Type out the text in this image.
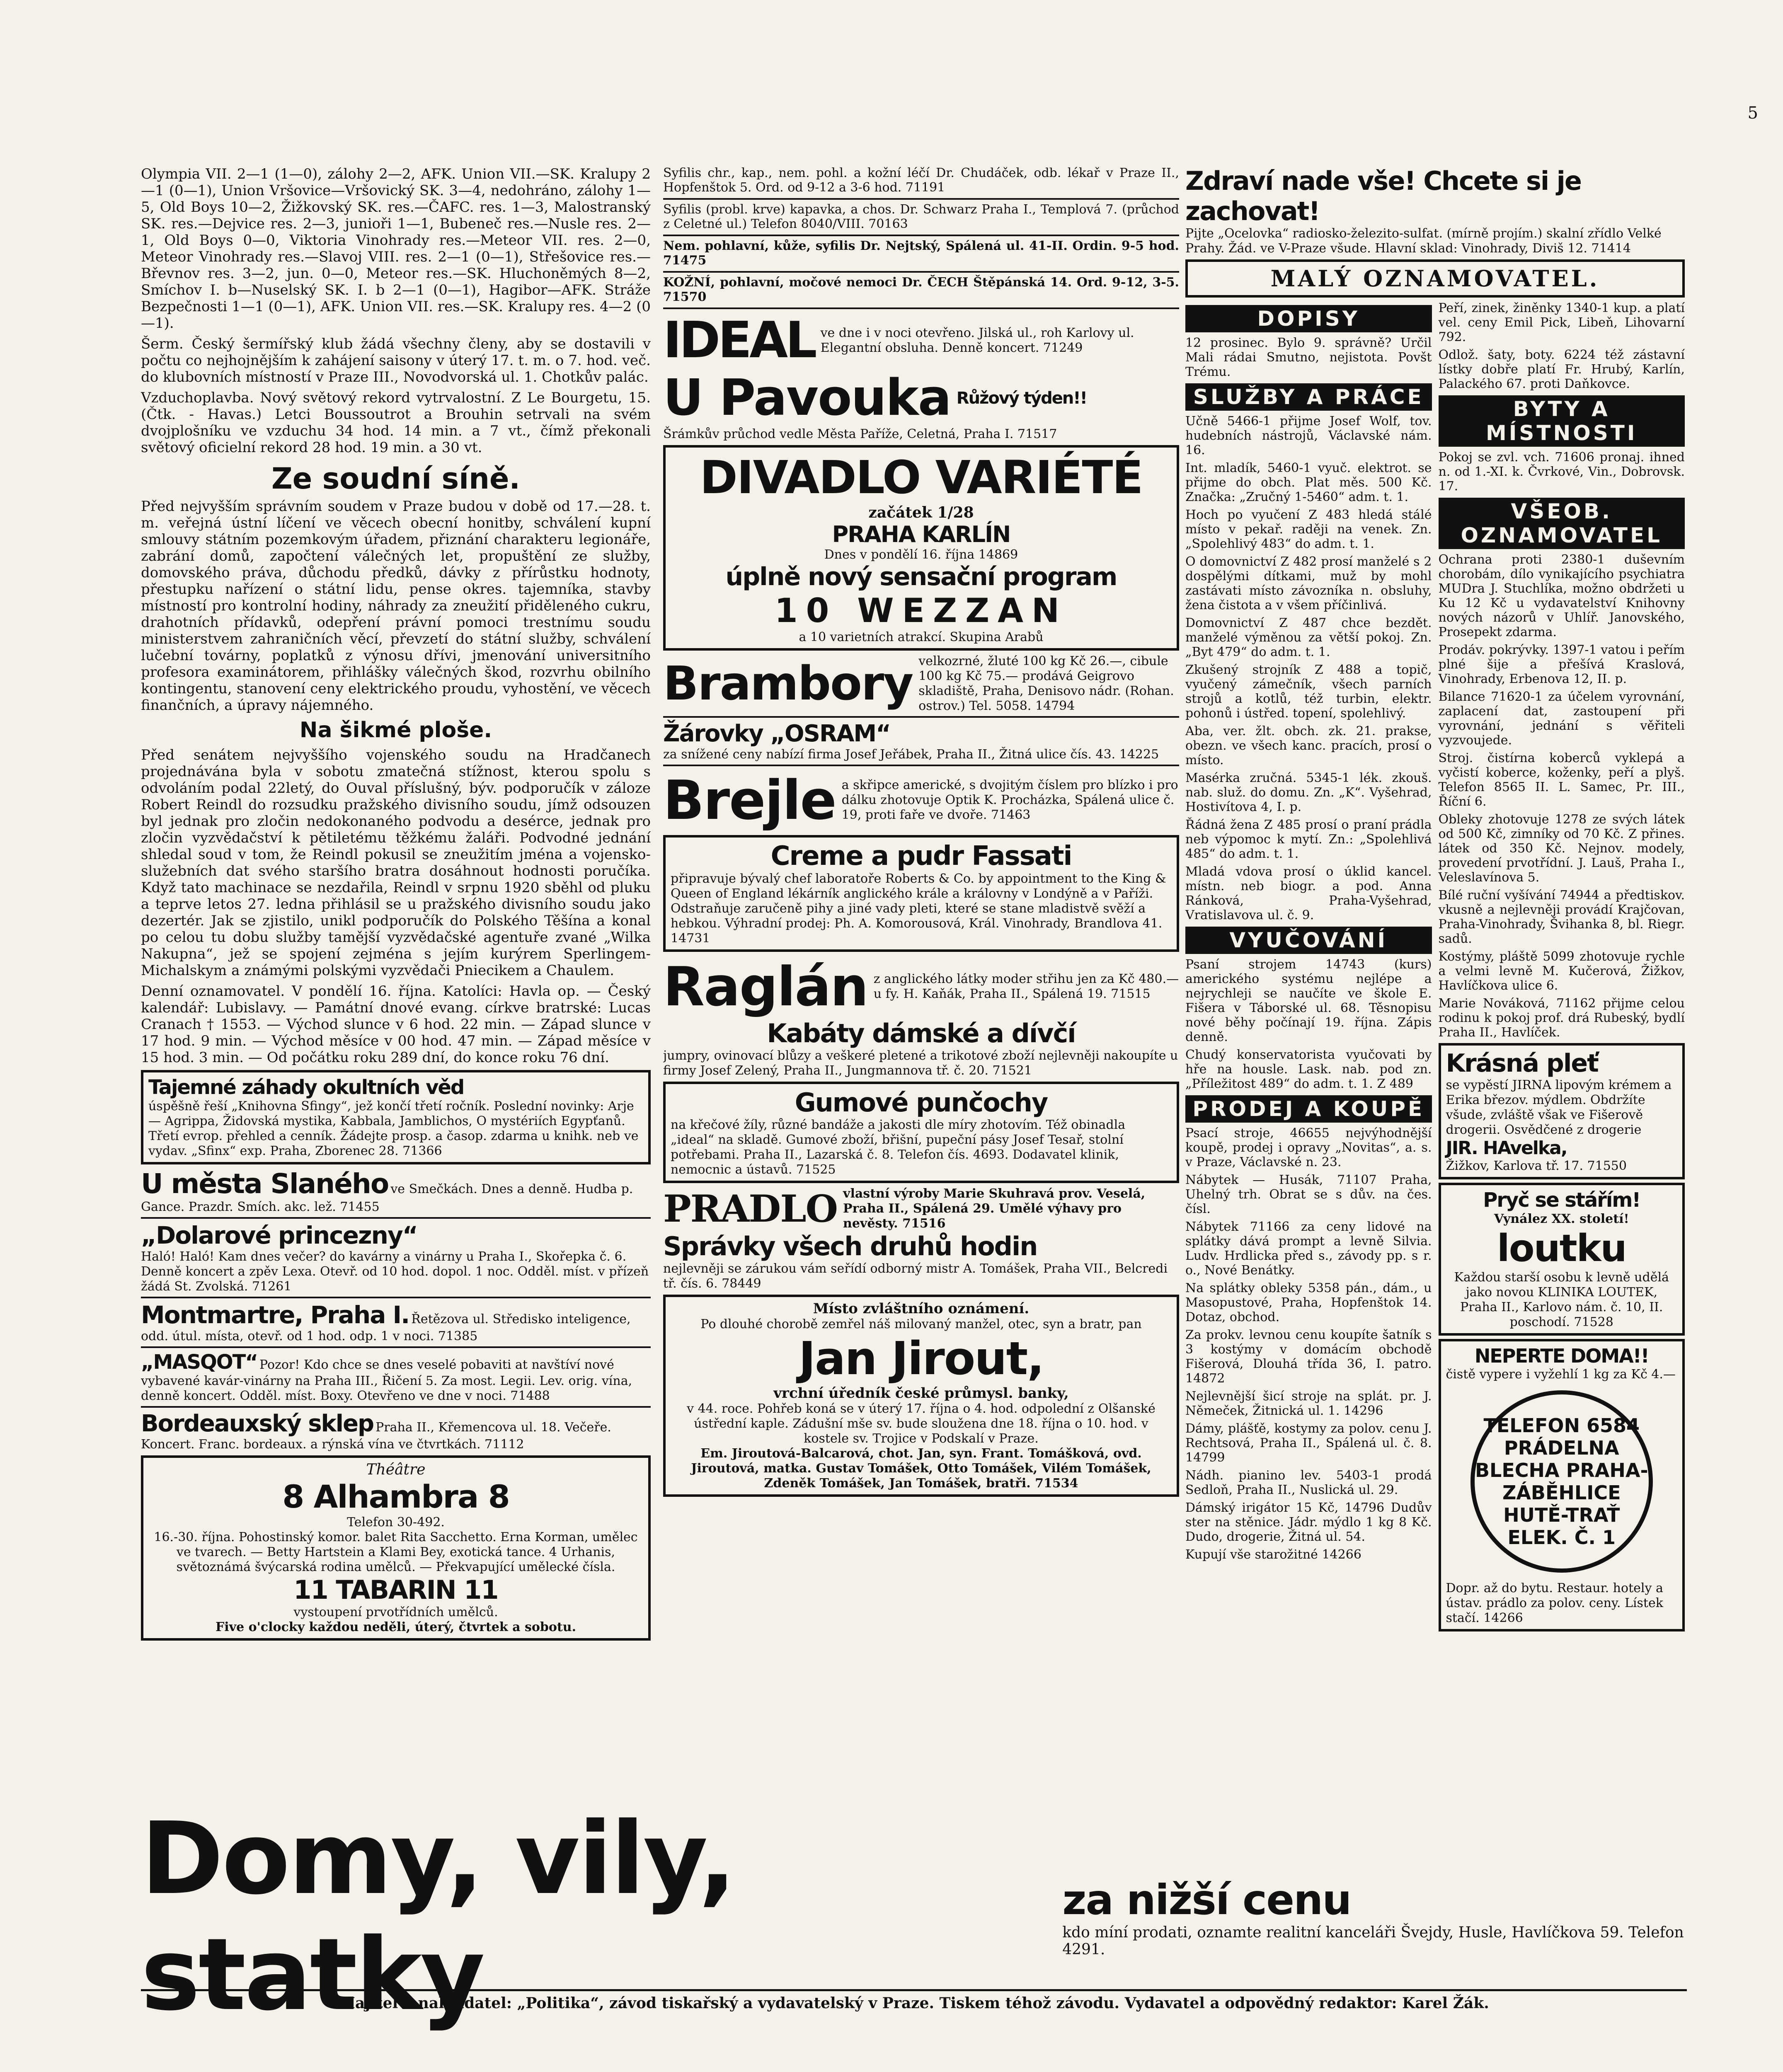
5

Olympia VII. 2—1 (1—0), zálohy 2—2, AFK. Union VII.—SK. Kralupy 2—1 (0—1), Union Vršovice—Vršovický SK. 3—4, nedohráno, zálohy 1—5, Old Boys 10—2, Žižkovský SK. res.—ČAFC. res. 1—3, Malostranský SK. res.—Dejvice res. 2—3, junioři 1—1, Bubeneč res.—Nusle res. 2—1, Old Boys 0—0, Viktoria Vinohrady res.—Meteor VII. res. 2—0, Meteor Vinohrady res.—Slavoj VIII. res. 2—1 (0—1), Střešovice res.—Břevnov res. 3—2, jun. 0—0, Meteor res.—SK. Hluchoněmých 8—2, Smíchov I. b—Nuselský SK. I. b 2—1 (0—1), Hagibor—AFK. Stráže Bezpečnosti 1—1 (0—1), AFK. Union VII. res.—SK. Kralupy res. 4—2 (0—1).

Šerm. Český šermířský klub žádá všechny členy, aby se dostavili v počtu co nejhojnějším k zahájení saisony v úterý 17. t. m. o 7. hod. več. do klubovních místností v Praze III., Novodvorská ul. 1. Chotkův palác.

Vzduchoplavba. Nový světový rekord vytrvalostní. Z Le Bourgetu, 15. (Čtk. - Havas.) Letci Boussoutrot a Brouhin setrvali na svém dvojplošníku ve vzduchu 34 hod. 14 min. a 7 vt., čímž překonali světový oficielní rekord 28 hod. 19 min. a 30 vt.

Ze soudní síně.

Před nejvyšším správním soudem v Praze budou v době od 17.—28. t. m. veřejná ústní líčení ve věcech obecní honitby, schválení kupní smlouvy státním pozemkovým úřadem, přiznání charakteru legionáře, zabrání domů, započtení válečných let, propuštění ze služby, domovského práva, důchodu předků, dávky z přírůstku hodnoty, přestupku nařízení o státní lidu, pense okres. tajemníka, stavby místností pro kontrolní hodiny, náhrady za zneužití přiděleného cukru, drahotních přídavků, odepření právní pomoci trestnímu soudu ministerstvem zahraničních věcí, převzetí do státní služby, schválení lučební továrny, poplatků z výnosu dřívi, jmenování universitního profesora examinátorem, přihlášky válečných škod, rozvrhu obilního kontingentu, stanovení ceny elektrického proudu, vyhostění, ve věcech finančních, a úpravy nájemného.

Na šikmé ploše.

Před senátem nejvyššího vojenského soudu na Hradčanech projednávána byla v sobotu zmatečná stížnost, kterou spolu s odvoláním podal 22letý, do Ouval příslušný, býv. podporučík v záloze Robert Reindl do rozsudku pražského divisního soudu, jímž odsouzen byl jednak pro zločin nedokonaného podvodu a desérce, jednak pro zločin vyzvědačství k pětiletému těžkému žaláři. Podvodné jednání shledal soud v tom, že Reindl pokusil se zneužitím jména a vojensko-služebních dat svého staršího bratra dosáhnout hodnosti poručíka. Když tato machinace se nezdařila, Reindl v srpnu 1920 sběhl od pluku a teprve letos 27. ledna přihlásil se u pražského divisního soudu jako dezertér. Jak se zjistilo, unikl podporučík do Polského Těšína a konal po celou tu dobu služby tamější vyzvědačské agentuře zvané „Wilka Nakupna“, jež se spojení zejména s jejím kurýrem Sperlingem-Michalskym a známými polskými vyzvědači Pniecikem a Chaulem.

Denní oznamovatel. V pondělí 16. října. Katolíci: Havla op. — Český kalendář: Lubislavy. — Památní dnové evang. církve bratrské: Lucas Cranach † 1553. — Východ slunce v 6 hod. 22 min. — Západ slunce v 17 hod. 9 min. — Východ měsíce v 00 hod. 47 min. — Západ měsíce v 15 hod. 3 min. — Od počátku roku 289 dní, do konce roku 76 dní.

Tajemné záhady okultních věd
úspěšně řeší „Knihovna Sfingy“, jež končí třetí ročník. Poslední novinky: Arje — Agrippa, Židovská mystika, Kabbala, Jamblichos, O mystériích Egypťanů. Třetí evrop. přehled a cenník. Žádejte prosp. a časop. zdarma u knihk. neb ve vydav. „Sfinx“ exp. Praha, Zborenec 28. 71366
U města Slaného ve Smečkách. Dnes a denně. Hudba p. Gance. Prazdr. Smích. akc. lež. 71455
„Dolarové princezny“
Haló! Haló! Kam dnes večer? do kavárny a vinárny u Praha I., Skořepka č. 6. Denně koncert a zpěv Lexa. Otevř. od 10 hod. dopol. 1 noc. Odděl. míst. v přízeň žádá St. Zvolská. 71261
Montmartre, Praha I. Řetězova ul. Středisko inteligence, odd. útul. místa, otevř. od 1 hod. odp. 1 v noci. 71385
„MASQOT“ Pozor! Kdo chce se dnes veselé pobaviti at navštíví nové vybavené kavár-vinárny na Praha III., Řičení 5. Za most. Legii. Lev. orig. vína, denně koncert. Odděl. míst. Boxy. Otevřeno ve dne v noci. 71488
Bordeauxský sklep Praha II., Křemencova ul. 18. Večeře. Koncert. Franc. bordeaux. a rýnská vína ve čtvrtkách. 71112
Théâtre
8 Alhambra 8
Telefon 30-492.
16.-30. října. Pohostinský komor. balet Rita Sacchetto. Erna Korman, umělec ve tvarech. — Betty Hartstein a Klami Bey, exotická tance. 4 Urhanis, světoznámá švýcarská rodina umělců. — Překvapující umělecké čísla.
11 TABARIN 11
vystoupení prvotřídních umělců.
Five o'clocky každou neděli, úterý, čtvrtek a sobotu.

Syfilis chr., kap., nem. pohl. a kožní léčí Dr. Chudáček, odb. lékař v Praze II., Hopfenštok 5. Ord. od 9-12 a 3-6 hod. 71191

Syfilis (probl. krve) kapavka, a chos. Dr. Schwarz Praha I., Templová 7. (průchod z Celetné ul.) Telefon 8040/VIII. 70163

Nem. pohlavní, kůže, syfilis Dr. Nejtský, Spálená ul. 41-II. Ordin. 9-5 hod. 71475

KOŽNÍ, pohlavní, močové nemoci Dr. ČECH Štěpánská 14. Ord. 9-12, 3-5. 71570

IDEAL ve dne i v noci otevřeno. Jilská ul., roh Karlovy ul. Elegantní obsluha. Denně koncert. 71249
U Pavouka Růžový týden!!
Šrámkův průchod vedle Města Paříže, Celetná, Praha I. 71517
DIVADLO VARIÉTÉ
začátek 1/28
PRAHA KARLÍN
Dnes v pondělí 16. října 14869
úplně nový sensační program
10 WEZZAN
a 10 varietních atrakcí. Skupina Arabů
Brambory velkozrné, žluté 100 kg Kč 26.—, cibule 100 kg Kč 75.— prodává Geigrovo skladiště, Praha, Denisovo nádr. (Rohan. ostrov.) Tel. 5058. 14794
Žárovky „OSRAM“
za snížené ceny nabízí firma Josef Jeřábek, Praha II., Žitná ulice čís. 43. 14225
Brejle a skřipce americké, s dvojitým číslem pro blízko i pro dálku zhotovuje Optik K. Procházka, Spálená ulice č. 19, proti faře ve dvoře. 71463
Creme a pudr Fassati
připravuje bývalý chef laboratoře Roberts & Co. by appointment to the King & Queen of England lékárník anglického krále a královny v Londýně a v Paříži. Odstraňuje zaručeně pihy a jiné vady pleti, které se stane mladistvě svěží a hebkou. Výhradní prodej: Ph. A. Komorousová, Král. Vinohrady, Brandlova 41. 14731
Raglán z anglického látky moder střihu jen za Kč 480.— u fy. H. Kaňák, Praha II., Spálená 19. 71515
Kabáty dámské a dívčí
jumpry, ovinovací blůzy a veškeré pletené a trikotové zboží nejlevněji nakoupíte u firmy Josef Zelený, Praha II., Jungmannova tř. č. 20. 71521
Gumové punčochy
na křečové žíly, různé bandáže a jakosti dle míry zhotovím. Též obinadla „ideal“ na skladě. Gumové zboží, břišní, pupeční pásy Josef Tesař, stolní potřebami. Praha II., Lazarská č. 8. Telefon čís. 4693. Dodavatel klinik, nemocnic a ústavů. 71525
PRADLO vlastní výroby Marie Skuhravá prov. Veselá, Praha II., Spálená 29. Umělé výhavy pro nevěsty. 71516
Správky všech druhů hodin
nejlevněji se zárukou vám seřídí odborný mistr A. Tomášek, Praha VII., Belcredi tř. čís. 6. 78449
Místo zvláštního oznámení.
Po dlouhé chorobě zemřel náš milovaný manžel, otec, syn a bratr, pan
Jan Jirout,
vrchní úředník české průmysl. banky,
v 44. roce. Pohřeb koná se v úterý 17. října o 4. hod. odpolední z Olšanské ústřední kaple. Zádušní mše sv. bude sloužena dne 18. října o 10. hod. v kostele sv. Trojice v Podskalí v Praze.
Em. Jiroutová-Balcarová, chot. Jan, syn. Frant. Tomášková, ovd. Jiroutová, matka. Gustav Tomášek, Otto Tomášek, Vilém Tomášek, Zdeněk Tomášek, Jan Tomášek, bratři. 71534
Zdraví nade vše! Chcete si je zachovat!
Pijte „Ocelovka“ radiosko-železito-sulfat. (mírně projím.) skalní zřídlo Velké Prahy. Žád. ve V-Praze všude. Hlavní sklad: Vinohrady, Diviš 12. 71414
MALÝ OZNAMOVATEL.
DOPISY

12 prosinec. Bylo 9. správně? Určil Mali rádai Smutno, nejistota. Povšt Trému.

SLUŽBY A PRÁCE

Učně 5466-1 přijme Josef Wolf, tov. hudebních nástrojů, Václavské nám. 16.

Int. mladík, 5460-1 vyuč. elektrot. se přijme do obch. Plat měs. 500 Kč. Značka: „Zručný 1-5460“ adm. t. 1.

Hoch po vyučení Z 483 hledá stálé místo v pekař. raději na venek. Zn. „Spolehlivý 483“ do adm. t. 1.

O domovnictví Z 482 prosí manželé s 2 dospělými dítkami, muž by mohl zastávati místo závozníka n. obsluhy, žena čistota a v všem příčinlivá.

Domovnictví Z 487 chce bezdět. manželé výměnou za větší pokoj. Zn. „Byt 479“ do adm. t. 1.

Zkušený strojník Z 488 a topič, vyučený zámečník, všech parních strojů a kotlů, též turbin, elektr. pohonů i ústřed. topení, spolehlivý.

Aba, ver. žlt. obch. zk. 21. prakse, obezn. ve všech kanc. pracích, prosí o místo.

Masérka zručná. 5345-1 lék. zkouš. nab. služ. do domu. Zn. „K“. Vyšehrad, Hostivítova 4, I. p.

Řádná žena Z 485 prosí o praní prádla neb výpomoc k mytí. Zn.: „Spolehlivá 485“ do adm. t. 1.

Mladá vdova prosí o úklid kancel. místn. neb biogr. a pod. Anna Ránková, Praha-Vyšehrad, Vratislavova ul. č. 9.

VYUČOVÁNÍ

Psaní strojem 14743 (kurs) amerického systému nejlépe a nejrychleji se naučíte ve škole E. Fišera v Táborské ul. 68. Těsnopisu nové běhy počínají 19. října. Zápis denně.

Chudý konservatorista vyučovati by hře na housle. Lask. nab. pod zn. „Příležitost 489“ do adm. t. 1. Z 489

PRODEJ A KOUPĚ

Psací stroje, 46655 nejvýhodnější koupě, prodej i opravy „Novitas“, a. s. v Praze, Václavské n. 23.

Nábytek — Husák, 71107 Praha, Uhelný trh. Obrat se s dův. na čes. čísl.

Nábytek 71166 za ceny lidové na splátky dává prompt a levně Silvia. Ludv. Hrdlicka před s., závody pp. s r. o., Nové Benátky.

Na splátky obleky 5358 pán., dám., u Masopustové, Praha, Hopfenštok 14. Dotaz, obchod.

Za prokv. levnou cenu koupíte šatník s 3 kostýmy v domácím obchodě Fišerová, Dlouhá třída 36, I. patro. 14872

Nejlevnější šicí stroje na splát. pr. J. Němeček, Žitnická ul. 1. 14296

Dámy, plášťě, kostymy za polov. cenu J. Rechtsová, Praha II., Spálená ul. č. 8. 14799

Nádh. pianino lev. 5403-1 prodá Sedloň, Praha II., Nuslická ul. 29.

Dámský irigátor 15 Kč, 14796 Dudův ster na stěnice. Jádr. mýdlo 1 kg 8 Kč. Dudo, drogerie, Žitná ul. 54.

Kupují vše starožitné 14266

Peří, zinek, žiněnky 1340-1 kup. a platí vel. ceny Emil Pick, Libeň, Lihovarní 792.

Odlož. šaty, boty. 6224 též zástavní lístky dobře platí Fr. Hrubý, Karlín, Palackého 67. proti Daňkovce.

BYTY A MÍSTNOSTI

Pokoj se zvl. vch. 71606 pronaj. ihned n. od 1.-XI. k. Čvrkové, Vin., Dobrovsk. 17.

VŠEOB. OZNAMOVATEL

Ochrana proti 2380-1 duševním chorobám, dílo vynikajícího psychiatra MUDra J. Stuchlíka, možno obdržeti u Ku 12 Kč u vydavatelství Knihovny nových názorů v Uhlíř. Janovského, Prosepekt zdarma.

Prodáv. pokrývky. 1397-1 vatou i peřím plné šije a přešívá Kraslová, Vinohrady, Erbenova 12, II. p.

Bilance 71620-1 za účelem vyrovnání, zaplacení dat, zastoupení při vyrovnání, jednání s věřiteli vyzvoujede.

Stroj. čistírna koberců vyklepá a vyčistí koberce, koženky, peří a plyš. Telefon 8565 II. L. Samec, Pr. III., Říční 6.

Obleky zhotovuje 1278 ze svých látek od 500 Kč, zimníky od 70 Kč. Z přines. látek od 350 Kč. Nejnov. modely, provedení prvotřídní. J. Lauš, Praha I., Veleslavínova 5.

Bílé ruční vyšívání 74944 a předtiskov. vkusně a nejlevněji provádí Krajčovan, Praha-Vinohrady, Švihanka 8, bl. Riegr. sadů.

Kostýmy, pláště 5099 zhotovuje rychle a velmi levně M. Kučerová, Žižkov, Havlíčkova ulice 6.

Marie Nováková, 71162 přijme celou rodinu k pokoj prof. drá Rubeský, bydlí Praha II., Havlíček.

Krásná pleť
se vypěstí JIRNA lipovým krémem a Erika březov. mýdlem. Obdržíte všude, zvláště však ve Fišerově drogerii. Osvědčené z drogerie
JIR. HAvelka,
Žižkov, Karlova tř. 17. 71550
Pryč se stářím!
Vynález XX. století!
loutku
Každou starší osobu k levně udělá jako novou KLINIKA LOUTEK, Praha II., Karlovo nám. č. 10, II. poschodí. 71528
NEPERTE DOMA!!
čistě vypere i vyžehlí 1 kg za Kč 4.—
TELEFON 6584 PRÁDELNA BLECHA PRAHA-ZÁBĚHLICE HUTĚ-TRAŤ ELEK. Č. 1
Dopr. až do bytu. Restaur. hotely a ústav. prádlo za polov. ceny. Lístek stačí. 14266
Domy, vily, statky
za nižší cenu
kdo míní prodati, oznamte realitní kanceláři Švejdy, Husle, Havlíčkova 59. Telefon 4291.
Majitel a nakladatel: „Politika“, závod tiskařský a vydavatelský v Praze. Tiskem téhož závodu. Vydavatel a odpovědný redaktor: Karel Žák.
